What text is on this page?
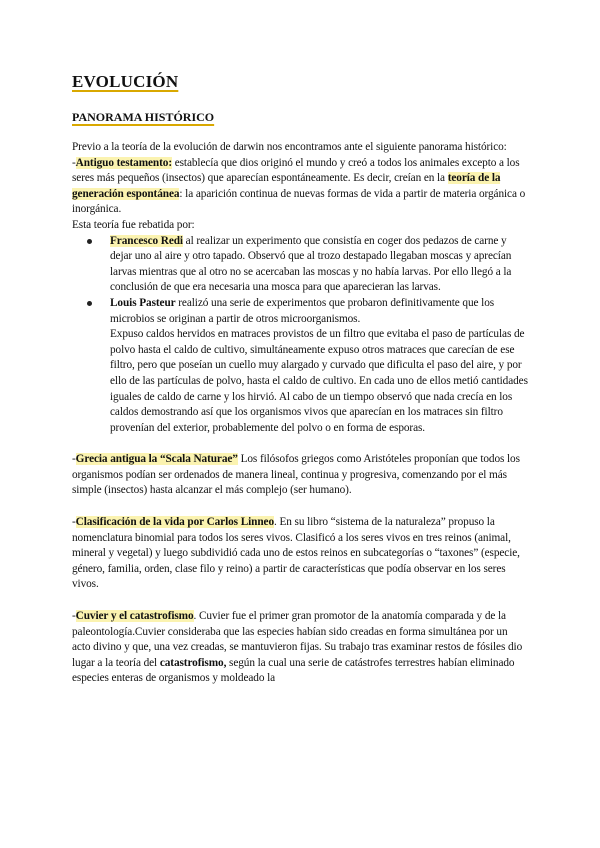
EVOLUCIÓN
PANORAMA HISTÓRICO

Previo a la teoría de la evolución de darwin nos encontramos ante el siguiente panorama histórico:

-Antiguo testamento: establecía que dios originó el mundo y creó a todos los animales excepto a los seres más pequeños (insectos) que aparecían espontáneamente. Es decir, creían en la teoría de la generación espontánea: la aparición continua de nuevas formas de vida a partir de materia orgánica o inorgánica.

Esta teoría fue rebatida por:

Francesco Redi al realizar un experimento que consistía en coger dos pedazos de carne y dejar uno al aire y otro tapado. Observó que al trozo destapado llegaban moscas y aprecían larvas mientras que al otro no se acercaban las moscas y no había larvas. Por ello llegó a la conclusión de que era necesaria una mosca para que aparecieran las larvas.
Louis Pasteur realizó una serie de experimentos que probaron definitivamente que los microbios se originan a partir de otros microorganismos.
Expuso caldos hervidos en matraces provistos de un filtro que evitaba el paso de partículas de polvo hasta el caldo de cultivo, simultáneamente expuso otros matraces que carecían de ese filtro, pero que poseían un cuello muy alargado y curvado que dificulta el paso del aire, y por ello de las partículas de polvo, hasta el caldo de cultivo. En cada uno de ellos metió cantidades iguales de caldo de carne y los hirvió. Al cabo de un tiempo observó que nada crecía en los caldos demostrando así que los organismos vivos que aparecían en los matraces sin filtro provenían del exterior, probablemente del polvo o en forma de esporas.

-Grecia antigua la “Scala Naturae” Los filósofos griegos como Aristóteles proponían que todos los organismos podían ser ordenados de manera lineal, continua y progresiva, comenzando por el más simple (insectos) hasta alcanzar el más complejo (ser humano).

-Clasificación de la vida por Carlos Linneo. En su libro “sistema de la naturaleza” propuso la nomenclatura binomial para todos los seres vivos. Clasificó a los seres vivos en tres reinos (animal, mineral y vegetal) y luego subdividió cada uno de estos reinos en subcategorías o “taxones” (especie, género, familia, orden, clase filo y reino) a partir de características que podía observar en los seres vivos.

-Cuvier y el catastrofismo. Cuvier fue el primer gran promotor de la anatomía comparada y de la paleontología.Cuvier consideraba que las especies habían sido creadas en forma simultánea por un acto divino y que, una vez creadas, se mantuvieron fijas. Su trabajo tras examinar restos de fósiles dio lugar a la teoría del catastrofismo, según la cual una serie de catástrofes terrestres habían eliminado especies enteras de organismos y moldeado la
